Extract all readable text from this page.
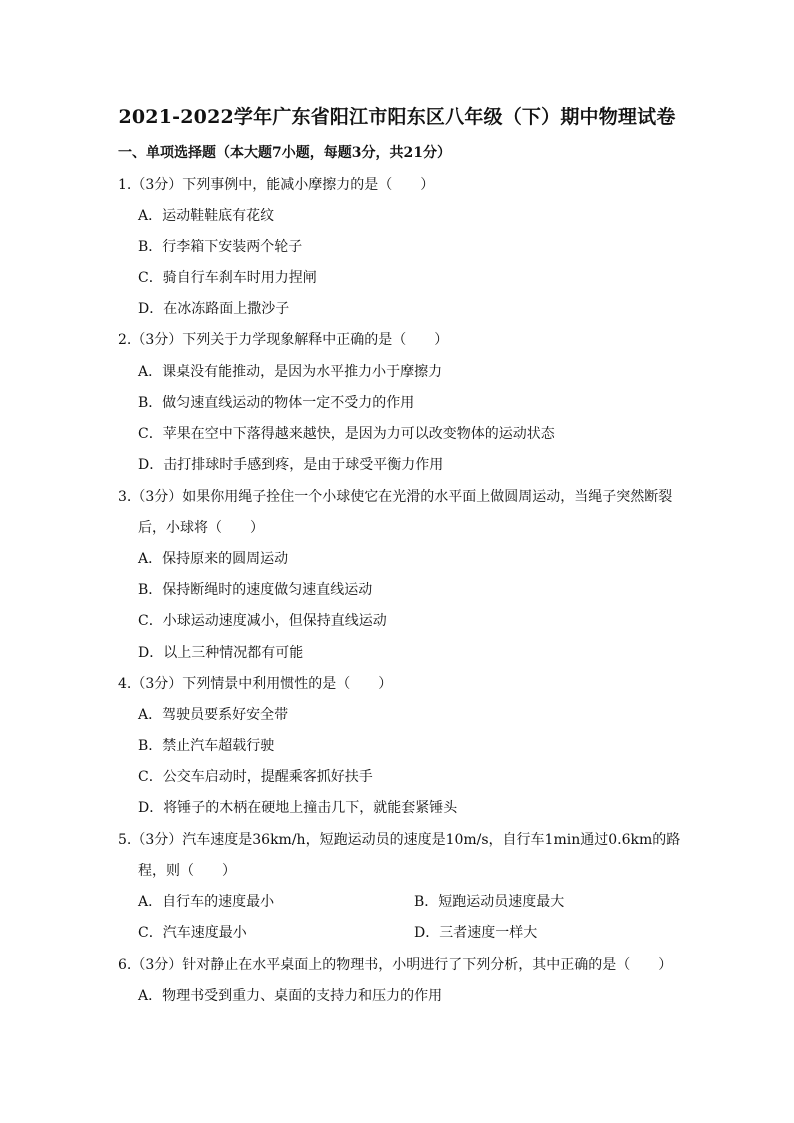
2021-2022学年广东省阳江市阳东区八年级（下）期中物理试卷
一、单项选择题（本大题7小题，每题3分，共21分）
1.（3分）下列事例中，能减小摩擦力的是（　　）
A．运动鞋鞋底有花纹
B．行李箱下安装两个轮子
C．骑自行车刹车时用力捏闸
D．在冰冻路面上撒沙子
2.（3分）下列关于力学现象解释中正确的是（　　）
A．课桌没有能推动，是因为水平推力小于摩擦力
B．做匀速直线运动的物体一定不受力的作用
C．苹果在空中下落得越来越快，是因为力可以改变物体的运动状态
D．击打排球时手感到疼，是由于球受平衡力作用
3.（3分）如果你用绳子拴住一个小球使它在光滑的水平面上做圆周运动，当绳子突然断裂
后，小球将（　　）
A．保持原来的圆周运动
B．保持断绳时的速度做匀速直线运动
C．小球运动速度减小，但保持直线运动
D．以上三种情况都有可能
4.（3分）下列情景中利用惯性的是（　　）
A．驾驶员要系好安全带
B．禁止汽车超载行驶
C．公交车启动时，提醒乘客抓好扶手
D．将锤子的木柄在硬地上撞击几下，就能套紧锤头
5.（3分）汽车速度是36km/h，短跑运动员的速度是10m/s，自行车1min通过0.6km的路
程，则（　　）
A．自行车的速度最小	B．短跑运动员速度最大
C．汽车速度最小	D．三者速度一样大
6.（3分）针对静止在水平桌面上的物理书，小明进行了下列分析，其中正确的是（　　）
A．物理书受到重力、桌面的支持力和压力的作用
